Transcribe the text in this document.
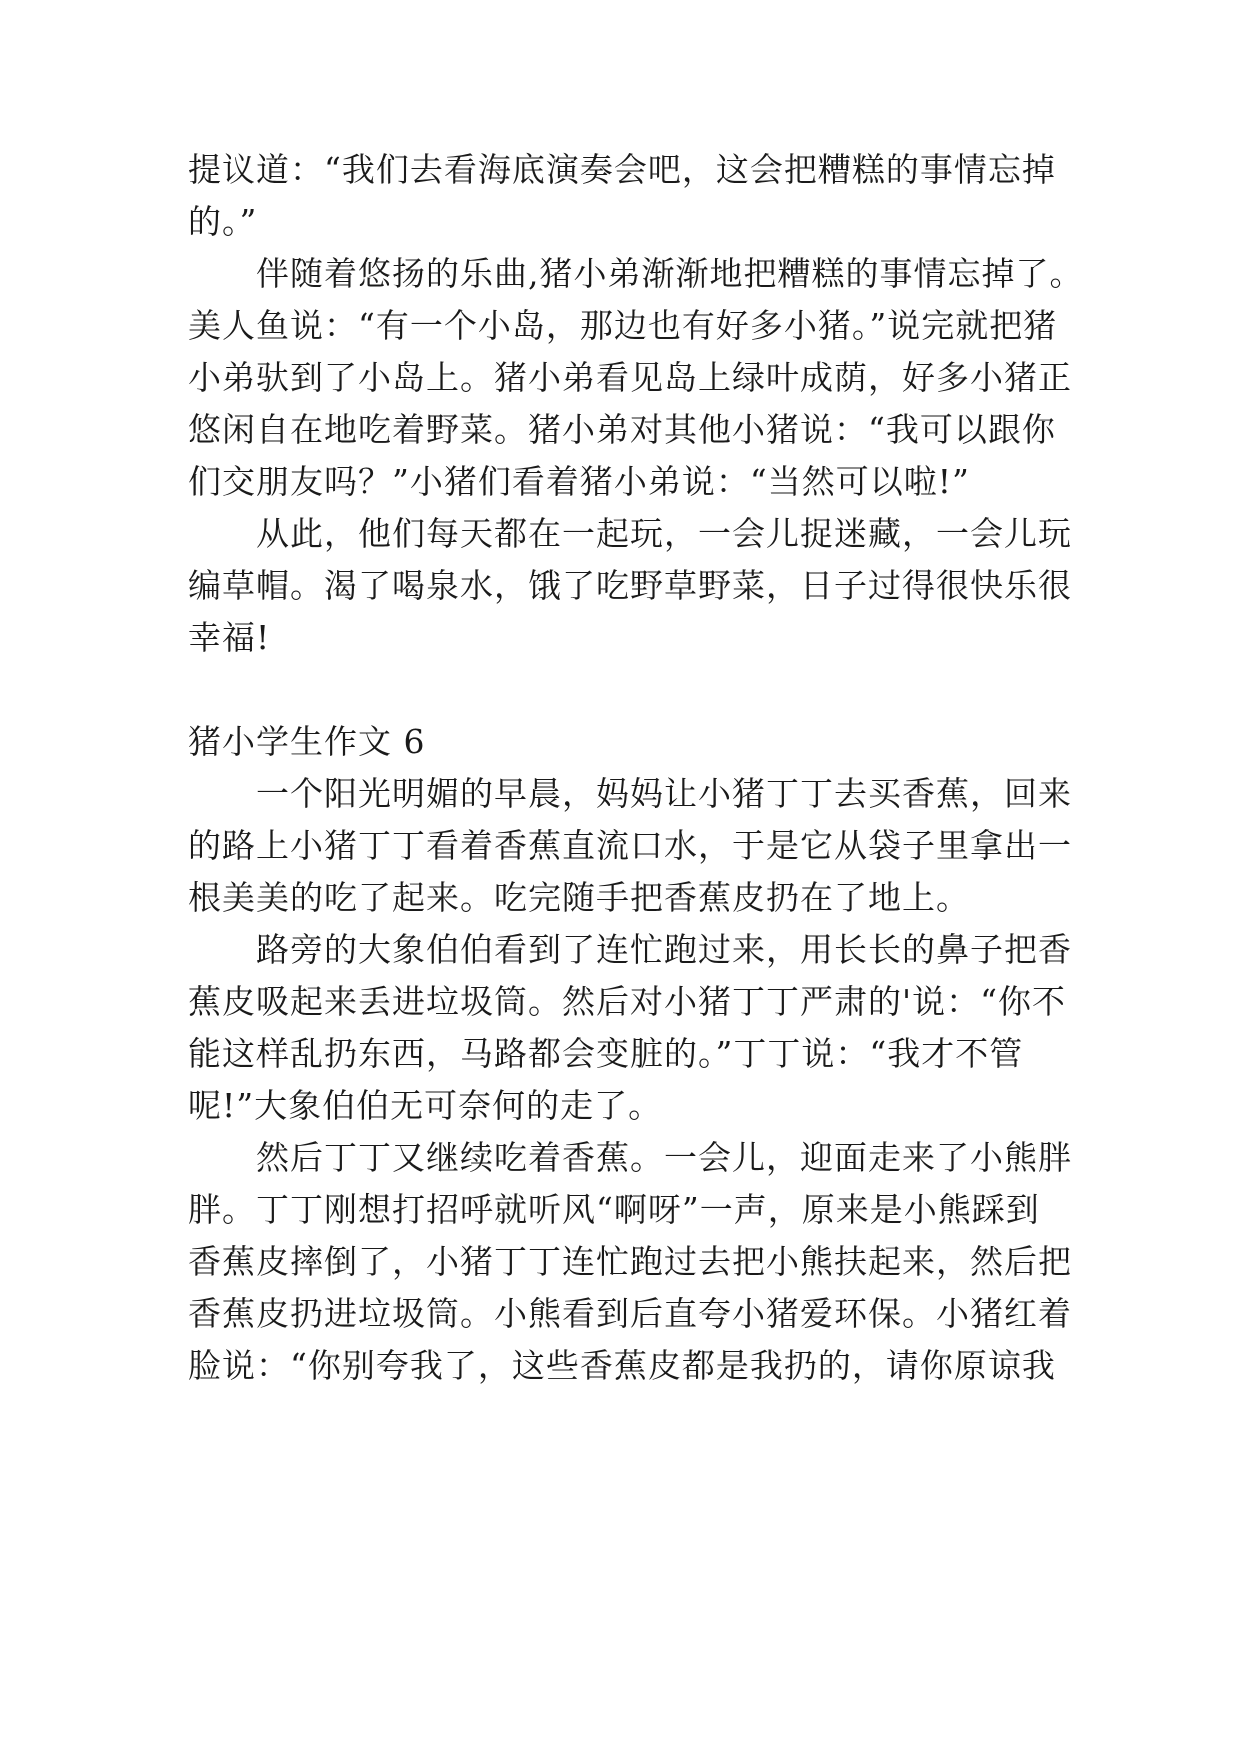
提议道：“我们去看海底演奏会吧，这会把糟糕的事情忘掉

的。”

伴随着悠扬的乐曲,猪小弟渐渐地把糟糕的事情忘掉了。

美人鱼说：“有一个小岛，那边也有好多小猪。”说完就把猪

小弟驮到了小岛上。猪小弟看见岛上绿叶成荫，好多小猪正

悠闲自在地吃着野菜。猪小弟对其他小猪说：“我可以跟你

们交朋友吗？”小猪们看着猪小弟说：“当然可以啦!”

从此，他们每天都在一起玩，一会儿捉迷藏，一会儿玩

编草帽。渴了喝泉水，饿了吃野草野菜，日子过得很快乐很

幸福!

猪小学生作文 6

一个阳光明媚的早晨，妈妈让小猪丁丁去买香蕉，回来

的路上小猪丁丁看着香蕉直流口水，于是它从袋子里拿出一

根美美的吃了起来。吃完随手把香蕉皮扔在了地上。

路旁的大象伯伯看到了连忙跑过来，用长长的鼻子把香

蕉皮吸起来丢进垃圾筒。然后对小猪丁丁严肃的'说：“你不

能这样乱扔东西，马路都会变脏的。”丁丁说：“我才不管

呢!”大象伯伯无可奈何的走了。

然后丁丁又继续吃着香蕉。一会儿，迎面走来了小熊胖

胖。丁丁刚想打招呼就听风“啊呀”一声，原来是小熊踩到

香蕉皮摔倒了，小猪丁丁连忙跑过去把小熊扶起来，然后把

香蕉皮扔进垃圾筒。小熊看到后直夸小猪爱环保。小猪红着

脸说：“你别夸我了，这些香蕉皮都是我扔的，请你原谅我
